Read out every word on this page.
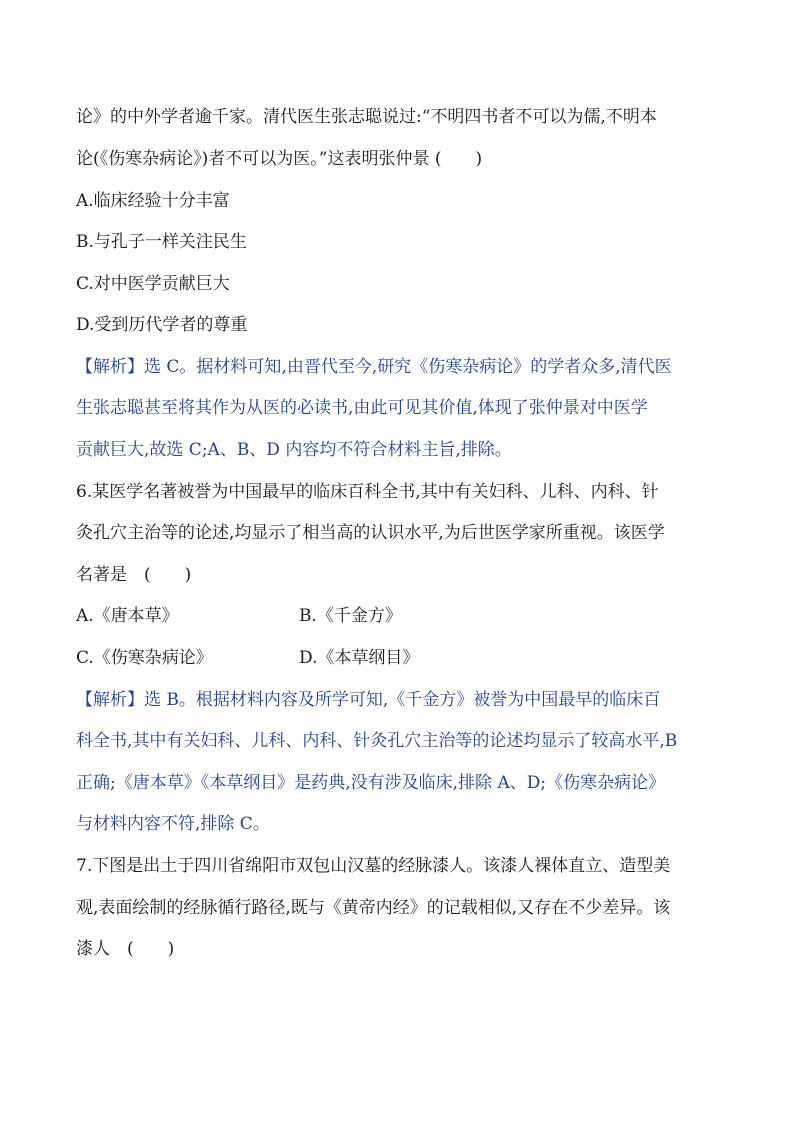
论》的中外学者逾千家。清代医生张志聪说过:“不明四书者不可以为儒,不明本

论(《伤寒杂病论》)者不可以为医。”这表明张仲景 (　　)

A.临床经验十分丰富

B.与孔子一样关注民生

C.对中医学贡献巨大

D.受到历代学者的尊重

【解析】选 C。据材料可知,由晋代至今,研究《伤寒杂病论》的学者众多,清代医

生张志聪甚至将其作为从医的必读书,由此可见其价值,体现了张仲景对中医学

贡献巨大,故选 C;A、B、D 内容均不符合材料主旨,排除。

6.某医学名著被誉为中国最早的临床百科全书,其中有关妇科、儿科、内科、针

灸孔穴主治等的论述,均显示了相当高的认识水平,为后世医学家所重视。该医学

名著是　(　　)

A.《唐本草》	B.《千金方》
C.《伤寒杂病论》	D.《本草纲目》

【解析】选 B。根据材料内容及所学可知,《千金方》被誉为中国最早的临床百

科全书,其中有关妇科、儿科、内科、针灸孔穴主治等的论述均显示了较高水平,B

正确;《唐本草》《本草纲目》是药典,没有涉及临床,排除 A、D;《伤寒杂病论》

与材料内容不符,排除 C。

7.下图是出土于四川省绵阳市双包山汉墓的经脉漆人。该漆人裸体直立、造型美

观,表面绘制的经脉循行路径,既与《黄帝内经》的记载相似,又存在不少差异。该

漆人　(　　)
